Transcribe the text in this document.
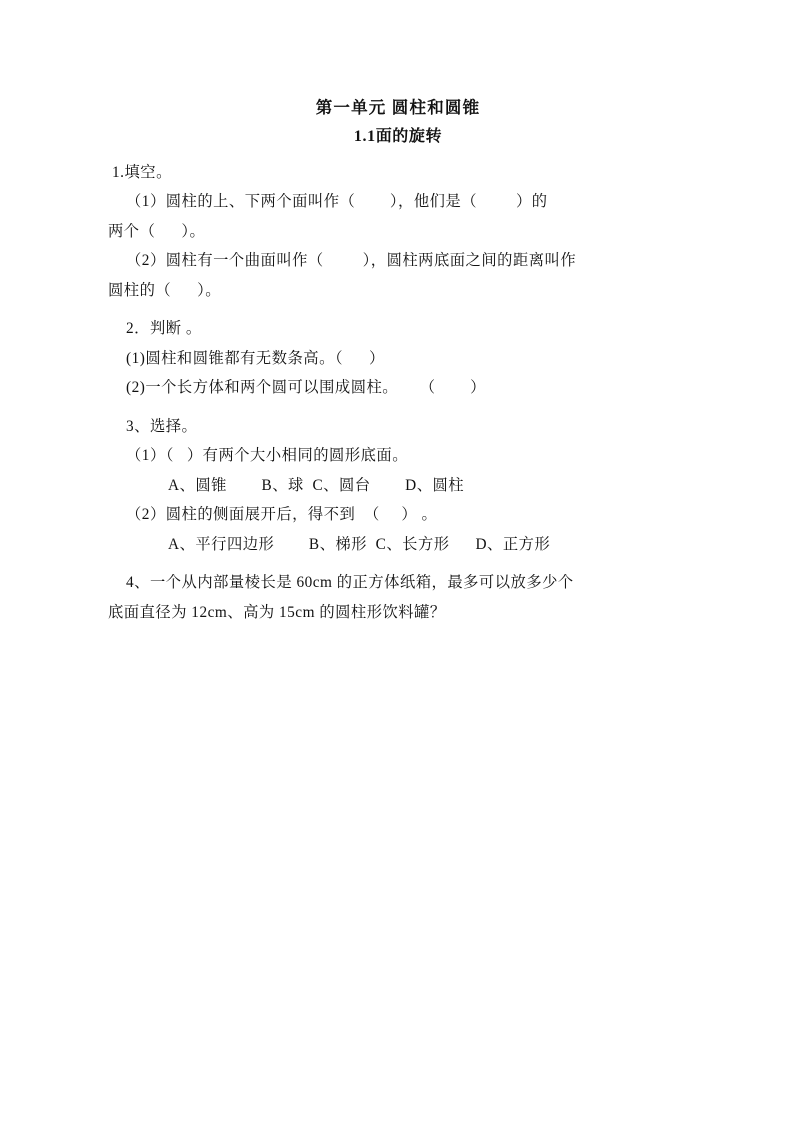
第一单元 圆柱和圆锥
1.1面的旋转
1.填空。
（1）圆柱的上、下两个面叫作（        ），他们是（         ）的
两个（      ）。
（2）圆柱有一个曲面叫作（         ），圆柱两底面之间的距离叫作
圆柱的（      ）。
2．判断 。
(1)圆柱和圆锥都有无数条高。（      ）
(2)一个长方体和两个圆可以围成圆柱。     （        ）
3、选择。
（1）（   ）有两个大小相同的圆形底面。
A、圆锥        B、球  C、圆台        D、圆柱
（2）圆柱的侧面展开后，得不到  （     ） 。
A、平行四边形        B、梯形  C、长方形      D、正方形
4、一个从内部量棱长是 60cm 的正方体纸箱，最多可以放多少个
底面直径为 12cm、高为 15cm 的圆柱形饮料罐？
